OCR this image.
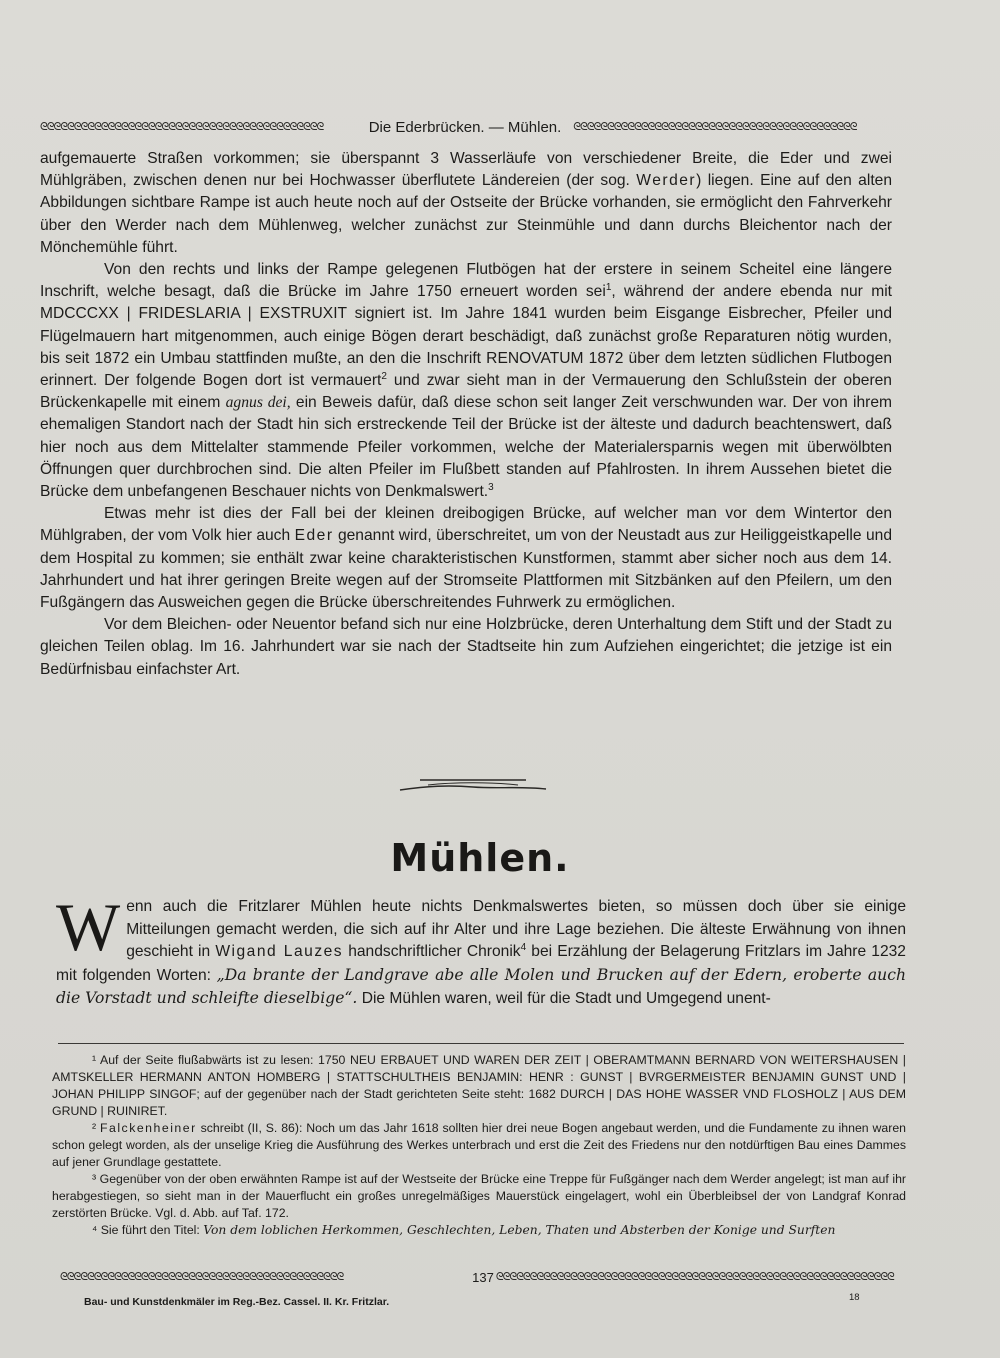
ᘓᘓᘓᘓᘓᘓᘓᘓᘓᘓᘓᘓᘓᘓᘓᘓᘓᘓᘓᘓᘓᘓᘓᘓᘓᘓᘓᘓᘓᘓᘓᘓᘓᘓᘓᘓᘓᘓᘓᘓᘓᘓ	Die Ederbrücken. — Mühlen.	ᘓᘓᘓᘓᘓᘓᘓᘓᘓᘓᘓᘓᘓᘓᘓᘓᘓᘓᘓᘓᘓᘓᘓᘓᘓᘓᘓᘓᘓᘓᘓᘓᘓᘓᘓᘓᘓᘓᘓᘓᘓᘓ

aufgemauerte Straßen vorkommen; sie überspannt 3 Wasserläufe von verschiedener Breite, die Eder und zwei Mühlgräben, zwischen denen nur bei Hochwasser überflutete Ländereien (der sog. Werder) liegen. Eine auf den alten Abbildungen sichtbare Rampe ist auch heute noch auf der Ostseite der Brücke vorhanden, sie ermöglicht den Fahrverkehr über den Werder nach dem Mühlenweg, welcher zunächst zur Steinmühle und dann durchs Bleichentor nach der Mönchemühle führt.

Von den rechts und links der Rampe gelegenen Flutbögen hat der erstere in seinem Scheitel eine längere Inschrift, welche besagt, daß die Brücke im Jahre 1750 erneuert worden sei$^1$, während der andere ebenda nur mit MDCCCXX | FRIDESLARIA | EXSTRUXIT signiert ist. Im Jahre 1841 wurden beim Eisgange Eisbrecher, Pfeiler und Flügelmauern hart mitgenommen, auch einige Bögen derart beschädigt, daß zunächst große Reparaturen nötig wurden, bis seit 1872 ein Umbau stattfinden mußte, an den die Inschrift RENOVATUM 1872 über dem letzten südlichen Flutbogen erinnert. Der folgende Bogen dort ist vermauert$^2$ und zwar sieht man in der Vermauerung den Schlußstein der oberen Brückenkapelle mit einem agnus dei, ein Beweis dafür, daß diese schon seit langer Zeit verschwunden war. Der von ihrem ehemaligen Standort nach der Stadt hin sich erstreckende Teil der Brücke ist der älteste und dadurch beachtenswert, daß hier noch aus dem Mittelalter stammende Pfeiler vorkommen, welche der Materialersparnis wegen mit überwölbten Öffnungen quer durchbrochen sind. Die alten Pfeiler im Flußbett standen auf Pfahlrosten. In ihrem Aussehen bietet die Brücke dem unbefangenen Beschauer nichts von Denkmalswert.$^3$

Etwas mehr ist dies der Fall bei der kleinen dreibogigen Brücke, auf welcher man vor dem Wintertor den Mühlgraben, der vom Volk hier auch Eder genannt wird, überschreitet, um von der Neustadt aus zur Heiliggeistkapelle und dem Hospital zu kommen; sie enthält zwar keine charakteristischen Kunstformen, stammt aber sicher noch aus dem 14. Jahrhundert und hat ihrer geringen Breite wegen auf der Stromseite Plattformen mit Sitzbänken auf den Pfeilern, um den Fußgängern das Ausweichen gegen die Brücke überschreitendes Fuhrwerk zu ermöglichen.

Vor dem Bleichen- oder Neuentor befand sich nur eine Holzbrücke, deren Unterhaltung dem Stift und der Stadt zu gleichen Teilen oblag. Im 16. Jahrhundert war sie nach der Stadtseite hin zum Aufziehen eingerichtet; die jetzige ist ein Bedürfnisbau einfachster Art.

Mühlen.
Wenn auch die Fritzlarer Mühlen heute nichts Denkmalswertes bieten, so müssen doch über sie einige Mitteilungen gemacht werden, die sich auf ihr Alter und ihre Lage beziehen. Die älteste Erwähnung von ihnen geschieht in Wigand Lauzes handschriftlicher Chronik$^4$ bei Erzählung der Belagerung Fritzlars im Jahre 1232 mit folgenden Worten: „Da brante der Landgrave abe alle Molen und Brucken auf der Edern, eroberte auch die Vorstadt und schleifte dieselbige“. Die Mühlen waren, weil für die Stadt und Umgegend unent-

¹ Auf der Seite flußabwärts ist zu lesen: 1750 NEU ERBAUET UND WAREN DER ZEIT | OBERAMTMANN BERNARD VON WEITERSHAUSEN | AMTSKELLER HERMANN ANTON HOMBERG | STATTSCHULTHEIS BENJAMIN: HENR : GUNST | BVRGERMEISTER BENJAMIN GUNST UND | JOHAN PHILIPP SINGOF; auf der gegenüber nach der Stadt gerichteten Seite steht: 1682 DURCH | DAS HOHE WASSER VND FLOSHOLZ | AUS DEM GRUND | RUINIRET.

² Falckenheiner schreibt (II, S. 86): Noch um das Jahr 1618 sollten hier drei neue Bogen angebaut werden, und die Fundamente zu ihnen waren schon gelegt worden, als der unselige Krieg die Ausführung des Werkes unterbrach und erst die Zeit des Friedens nur den notdürftigen Bau eines Dammes auf jener Grundlage gestattete.

³ Gegenüber von der oben erwähnten Rampe ist auf der Westseite der Brücke eine Treppe für Fußgänger nach dem Werder angelegt; ist man auf ihr herabgestiegen, so sieht man in der Mauerflucht ein großes unregelmäßiges Mauerstück eingelagert, wohl ein Überbleibsel der von Landgraf Konrad zerstörten Brücke. Vgl. d. Abb. auf Taf. 172.

⁴ Sie führt den Titel: Von dem loblichen Herkommen, Geschlechten, Leben, Thaten und Absterben der Konige und Surften

ᘓᘓᘓᘓᘓᘓᘓᘓᘓᘓᘓᘓᘓᘓᘓᘓᘓᘓᘓᘓᘓᘓᘓᘓᘓᘓᘓᘓᘓᘓᘓᘓᘓᘓᘓᘓᘓᘓᘓᘓᘓᘓ	137 ᘓᘓᘓᘓᘓᘓᘓᘓᘓᘓᘓᘓᘓᘓᘓᘓᘓᘓᘓᘓᘓᘓᘓᘓᘓᘓᘓᘓᘓᘓᘓᘓᘓᘓᘓᘓᘓᘓᘓᘓᘓᘓᘓᘓᘓᘓᘓᘓᘓᘓᘓᘓᘓᘓᘓᘓᘓᘓᘓ
Bau- und Kunstdenkmäler im Reg.-Bez. Cassel. II. Kr. Fritzlar.	18
